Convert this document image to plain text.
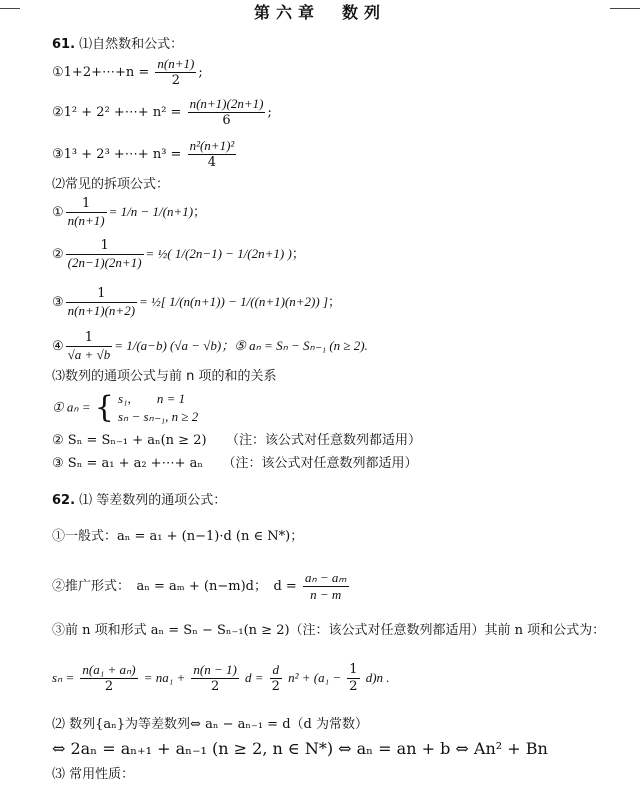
第六章　数列
61. ⑴自然数和公式：
①1+2+⋯+n = $\frac{n(n+1)}{2}$ ;
②1² + 2² +⋯+ $n^2 = \frac{n(n+1)(2n+1)}{6}$ ;
③1³ + 2³ +⋯+ $n^3 = \frac{\text{n²(n+1)²}}{4}$
⑵常见的拆项公式：
① $\frac{1}{n(n+1)} = 1/n - 1/(n+1)$；
② $\frac{1}{(2n-1)(2n+1)}$ = ½( 1/(2n−1) − 1/(2n+1) )；
③ $\frac{1}{n(n+1)(n+2)}$ = ½[ 1/(n(n+1)) − 1/((n+1)(n+2)) ]；
④ $\frac{1}{√a + √b} = 1/(a-b) (√a - √b)$；⑤ aₙ = Sₙ − Sₙ₋₁ (n ≥ 2).
⑶数列的通项公式与前 n 项的和的关系
① aₙ = { s₁,　　n = 1
sₙ − sₙ₋₁, n ≥ 2
② Sₙ = Sₙ₋₁ + aₙ(n ≥ 2)　　（注：该公式对任意数列都适用）
③ Sₙ = a₁ + a₂ +⋯+ aₙ　　（注：该公式对任意数列都适用）
62. ⑴ 等差数列的通项公式：
①一般式：aₙ = a₁ + (n−1)·d (n ∈ N*)；
②推广形式：　aₙ = aₘ + (n−m)d；　$d = \frac{\text{aₙ − aₘ}}{n - m}$
③前 n 项和形式 aₙ = Sₙ − Sₙ₋₁(n ≥ 2)（注：该公式对任意数列都适用）其前 n 项和公式为：
$s_n = \frac{\text{n(a₁ + aₙ)}}{2} = na_1 + \frac{n(n - 1)}{2}$ $d = \frac{d}{2} n^2 + (a_1 - \frac{1}{2} d)n$ .
⑵ 数列{aₙ}为等差数列⇔ aₙ − aₙ₋₁ = d（d 为常数）
⇔ 2aₙ = aₙ₊₁ + aₙ₋₁ (n ≥ 2, n ∈ N*) ⇔ aₙ = an + b ⇔ An² + Bn
⑶ 常用性质：
